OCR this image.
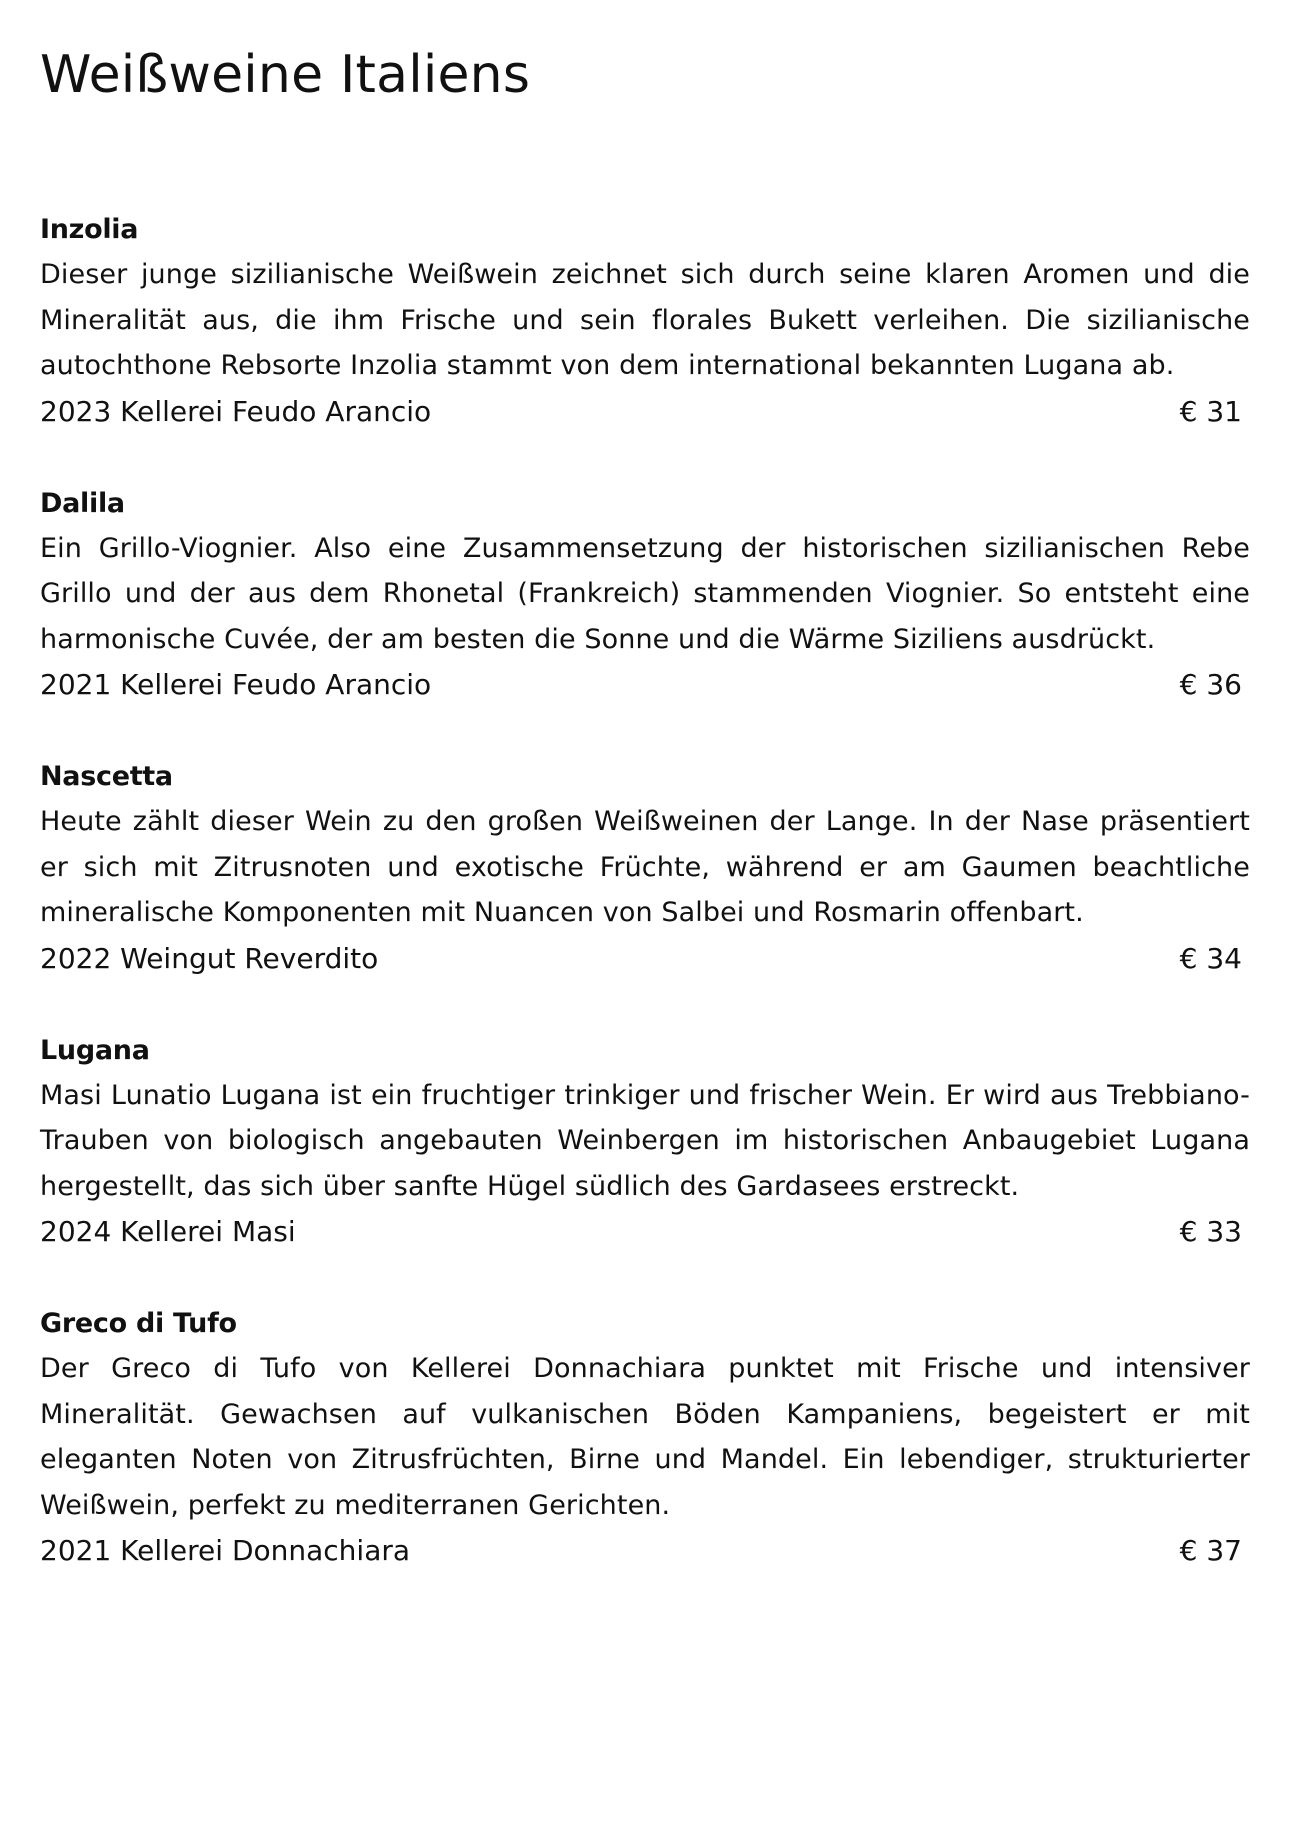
Weißweine Italiens

Inzolia

Dieser junge sizilianische Weißwein zeichnet sich durch seine klaren Aromen und die Mineralität aus, die ihm Frische und sein florales Bukett verleihen. Die sizilianische autochthone Rebsorte Inzolia stammt von dem international bekannten Lugana ab.

2023 Kellerei Feudo Arancio	€ 31

Dalila

Ein Grillo-Viognier. Also eine Zusammensetzung der historischen sizilianischen Rebe Grillo und der aus dem Rhonetal (Frankreich) stammenden Viognier. So entsteht eine harmonische Cuvée, der am besten die Sonne und die Wärme Siziliens ausdrückt.

2021 Kellerei Feudo Arancio	€ 36

Nascetta

Heute zählt dieser Wein zu den großen Weißweinen der Lange. In der Nase präsentiert er sich mit Zitrusnoten und exotische Früchte, während er am Gaumen beachtliche mineralische Komponenten mit Nuancen von Salbei und Rosmarin offenbart.

2022 Weingut Reverdito	€ 34

Lugana

Masi Lunatio Lugana ist ein fruchtiger trinkiger und frischer Wein. Er wird aus Trebbiano-Trauben von biologisch angebauten Weinbergen im historischen Anbaugebiet Lugana hergestellt, das sich über sanfte Hügel südlich des Gardasees erstreckt.

2024 Kellerei Masi	€ 33

Greco di Tufo

Der Greco di Tufo von Kellerei Donnachiara punktet mit Frische und intensiver Mineralität. Gewachsen auf vulkanischen Böden Kampaniens, begeistert er mit eleganten Noten von Zitrusfrüchten, Birne und Mandel. Ein lebendiger, strukturierter Weißwein, perfekt zu mediterranen Gerichten.

2021 Kellerei Donnachiara	€ 37
